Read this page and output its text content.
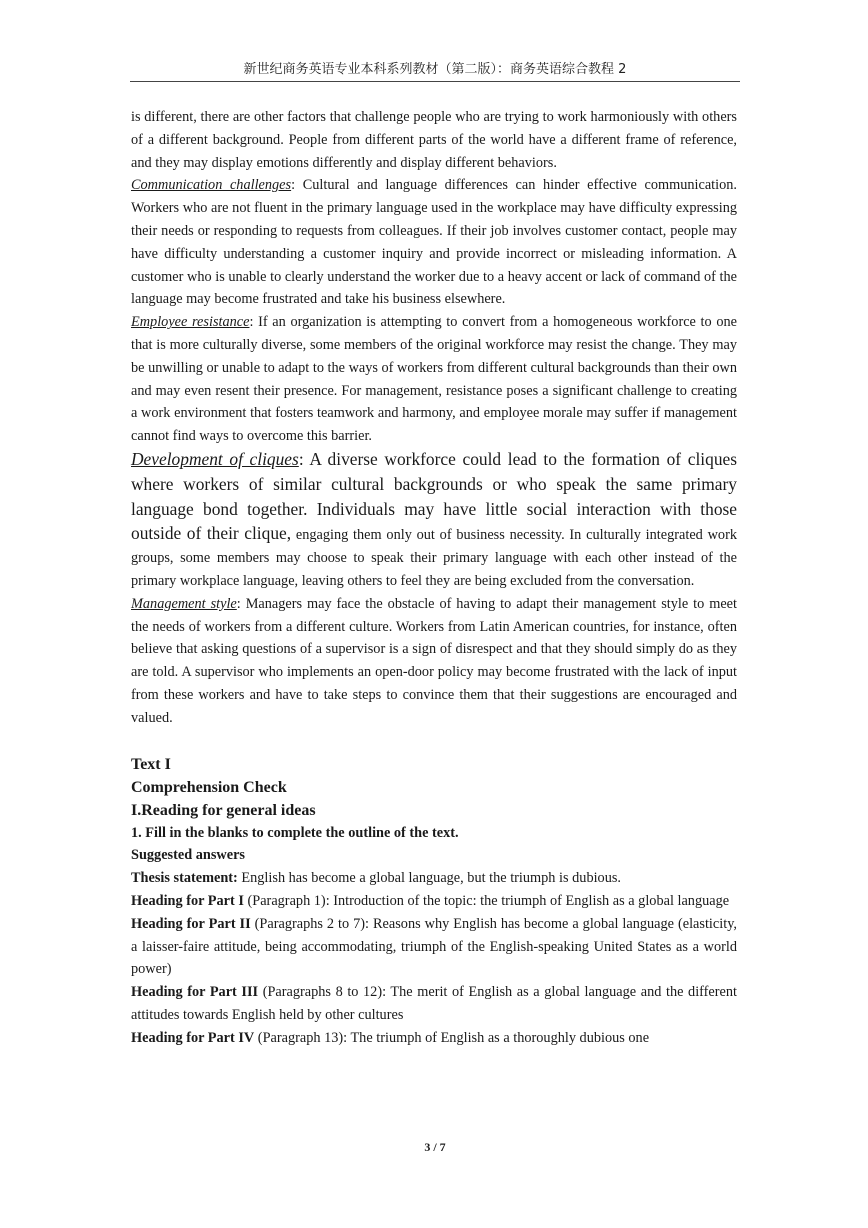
新世纪商务英语专业本科系列教材（第二版）：商务英语综合教程 2

is different, there are other factors that challenge people who are trying to work harmoniously with others of a different background. People from different parts of the world have a different frame of reference, and they may display emotions differently and display different behaviors.

Communication challenges: Cultural and language differences can hinder effective communication. Workers who are not fluent in the primary language used in the workplace may have difficulty expressing their needs or responding to requests from colleagues. If their job involves customer contact, people may have difficulty understanding a customer inquiry and provide incorrect or misleading information. A customer who is unable to clearly understand the worker due to a heavy accent or lack of command of the language may become frustrated and take his business elsewhere.

Employee resistance: If an organization is attempting to convert from a homogeneous workforce to one that is more culturally diverse, some members of the original workforce may resist the change. They may be unwilling or unable to adapt to the ways of workers from different cultural backgrounds than their own and may even resent their presence. For management, resistance poses a significant challenge to creating a work environment that fosters teamwork and harmony, and employee morale may suffer if management cannot find ways to overcome this barrier.

Development of cliques: A diverse workforce could lead to the formation of cliques where workers of similar cultural backgrounds or who speak the same primary language bond together. Individuals may have little social interaction with those outside of their clique, engaging them only out of business necessity. In culturally integrated work groups, some members may choose to speak their primary language with each other instead of the primary workplace language, leaving others to feel they are being excluded from the conversation.

Management style: Managers may face the obstacle of having to adapt their management style to meet the needs of workers from a different culture. Workers from Latin American countries, for instance, often believe that asking questions of a supervisor is a sign of disrespect and that they should simply do as they are told. A supervisor who implements an open-door policy may become frustrated with the lack of input from these workers and have to take steps to convince them that their suggestions are encouraged and valued.

Text I

Comprehension Check

I.Reading for general ideas

1. Fill in the blanks to complete the outline of the text.

Suggested answers

Thesis statement: English has become a global language, but the triumph is dubious.

Heading for Part I (Paragraph 1): Introduction of the topic: the triumph of English as a global language

Heading for Part II (Paragraphs 2 to 7): Reasons why English has become a global language (elasticity, a laisser-faire attitude, being accommodating, triumph of the English-speaking United States as a world power)

Heading for Part III (Paragraphs 8 to 12): The merit of English as a global language and the different attitudes towards English held by other cultures

Heading for Part IV (Paragraph 13): The triumph of English as a thoroughly dubious one

3 / 7
